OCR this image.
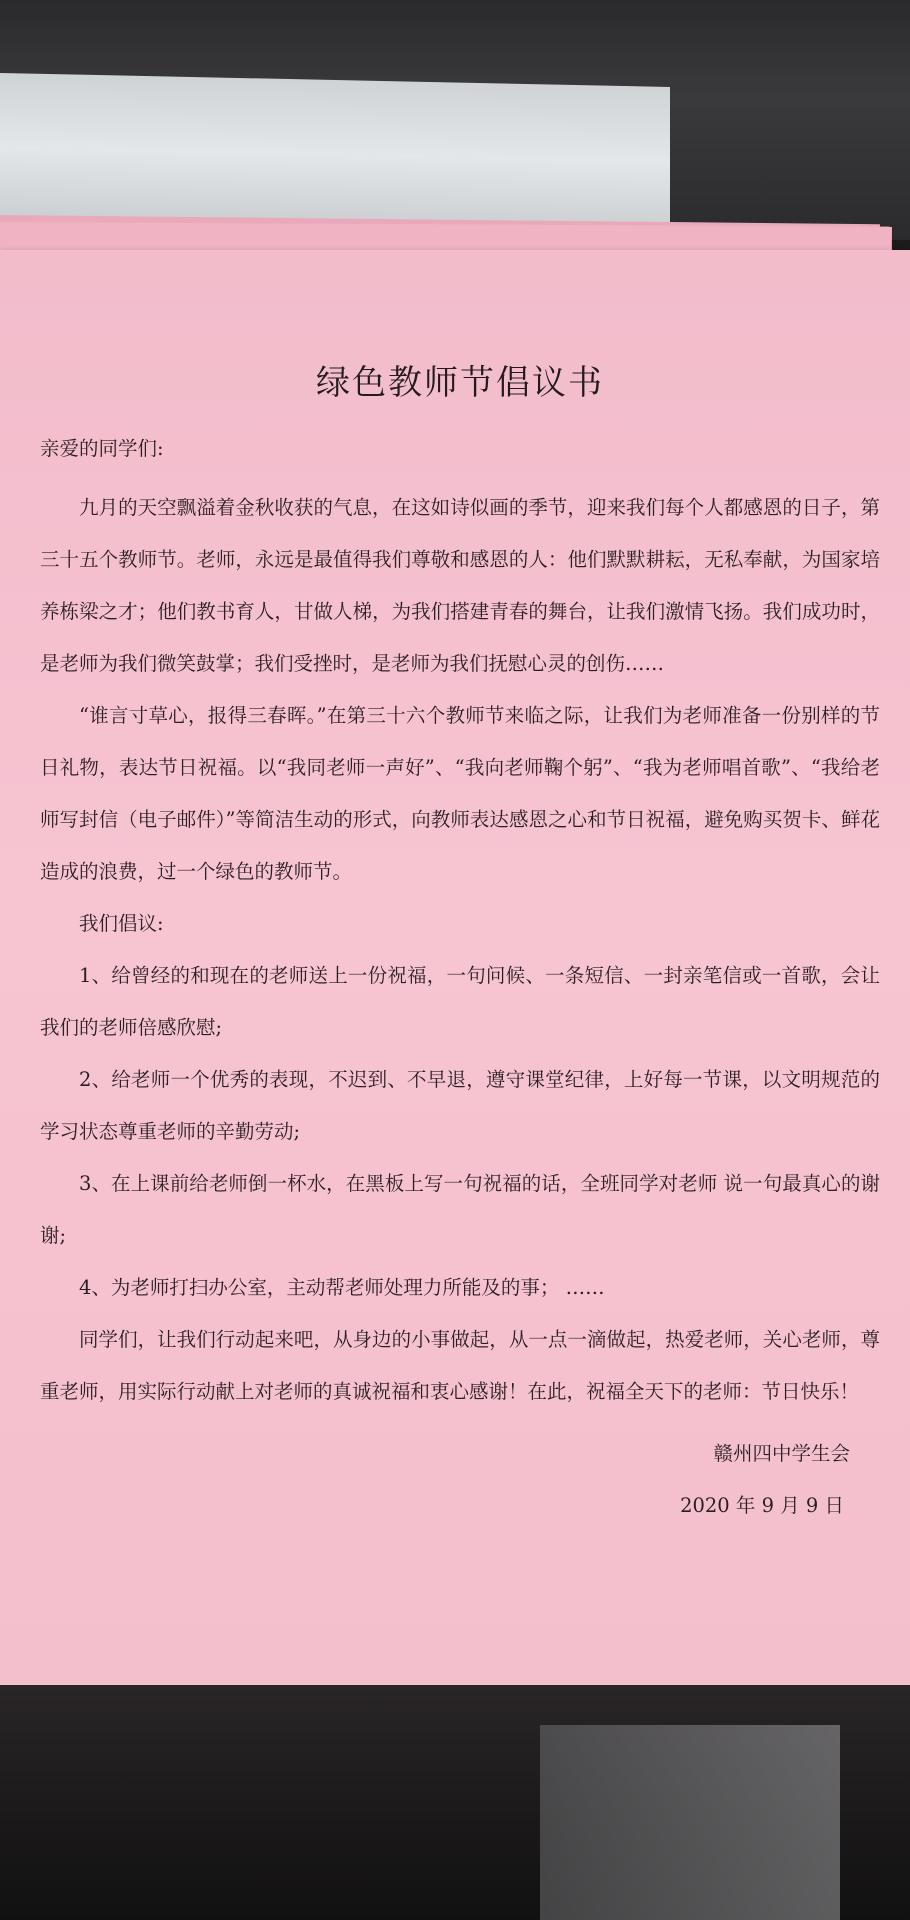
绿色教师节倡议书
亲爱的同学们:

九月的天空飘溢着金秋收获的气息，在这如诗似画的季节，迎来我们每个人都感恩的日子，第三十五个教师节。老师，永远是最值得我们尊敬和感恩的人：他们默默耕耘，无私奉献，为国家培养栋梁之才；他们教书育人，甘做人梯，为我们搭建青春的舞台，让我们激情飞扬。我们成功时，是老师为我们微笑鼓掌；我们受挫时，是老师为我们抚慰心灵的创伤……

“谁言寸草心，报得三春晖。”在第三十六个教师节来临之际，让我们为老师准备一份别样的节日礼物，表达节日祝福。以“我同老师一声好”、“我向老师鞠个躬”、“我为老师唱首歌”、“我给老师写封信（电子邮件）”等简洁生动的形式，向教师表达感恩之心和节日祝福，避免购买贺卡、鲜花造成的浪费，过一个绿色的教师节。

我们倡议:

1、给曾经的和现在的老师送上一份祝福，一句问候、一条短信、一封亲笔信或一首歌，会让我们的老师倍感欣慰;

2、给老师一个优秀的表现，不迟到、不早退，遵守课堂纪律，上好每一节课，以文明规范的学习状态尊重老师的辛勤劳动;

3、在上课前给老师倒一杯水，在黑板上写一句祝福的话，全班同学对老师 说一句最真心的谢谢;

4、为老师打扫办公室，主动帮老师处理力所能及的事； ……

同学们，让我们行动起来吧，从身边的小事做起，从一点一滴做起，热爱老师，关心老师，尊重老师，用实际行动献上对老师的真诚祝福和衷心感谢！在此，祝福全天下的老师：节日快乐！

赣州四中学生会
2020 年 9 月 9 日
